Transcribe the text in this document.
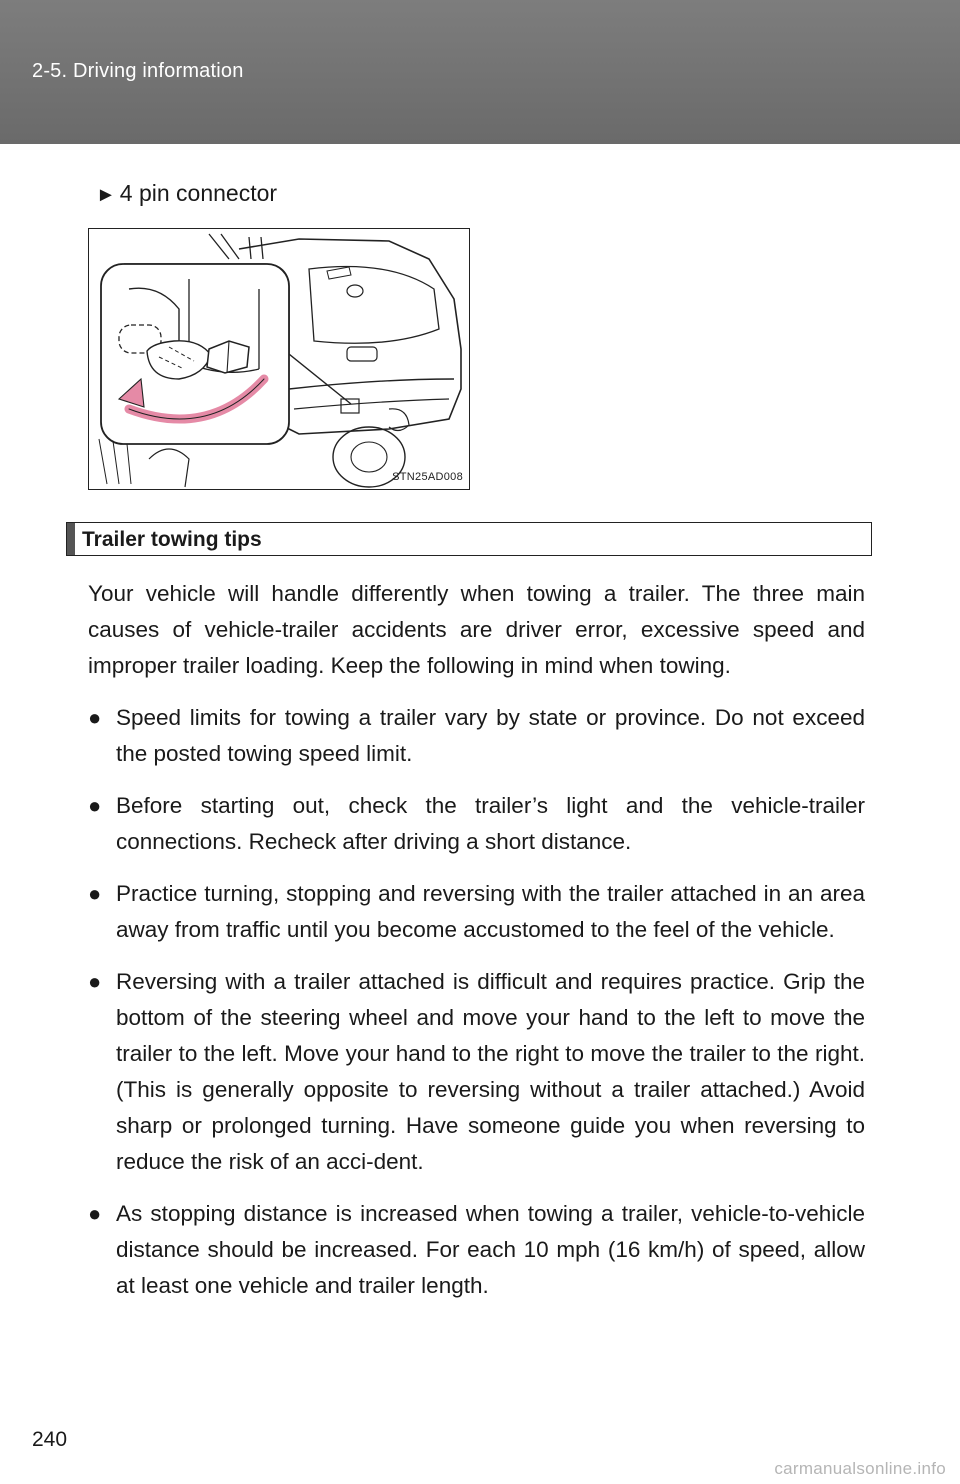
2-5. Driving information
► 4 pin connector
STN25AD008
Trailer towing tips

Your vehicle will handle differently when towing a trailer. The three main causes of vehicle-trailer accidents are driver error, excessive speed and improper trailer loading. Keep the following in mind when towing.

● Speed limits for towing a trailer vary by state or province. Do not exceed the posted towing speed limit.
● Before starting out, check the trailer’s light and the vehicle-trailer connections. Recheck after driving a short distance.
● Practice turning, stopping and reversing with the trailer attached in an area away from traffic until you become accustomed to the feel of the vehicle.
● Reversing with a trailer attached is difficult and requires practice. Grip the bottom of the steering wheel and move your hand to the left to move the trailer to the left. Move your hand to the right to move the trailer to the right. (This is generally opposite to reversing without a trailer attached.) Avoid sharp or prolonged turning. Have someone guide you when reversing to reduce the risk of an acci-dent.
● As stopping distance is increased when towing a trailer, vehicle-to-vehicle distance should be increased. For each 10 mph (16 km/h) of speed, allow at least one vehicle and trailer length.
240
carmanualsonline.info
